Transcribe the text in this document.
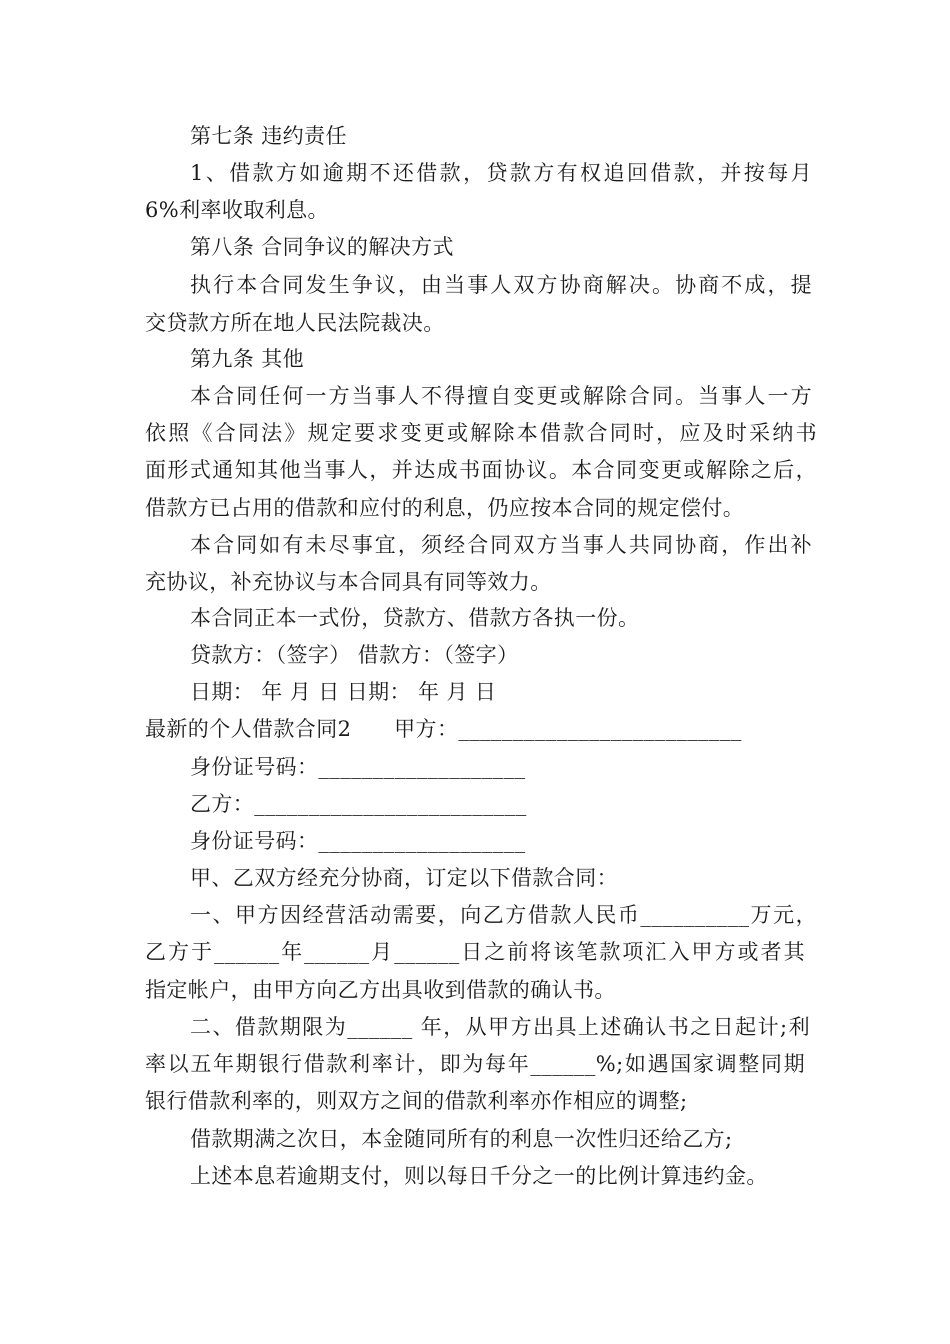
第七条 违约责任
1、借款方如逾期不还借款，贷款方有权追回借款，并按每月
6%利率收取利息。
第八条 合同争议的解决方式
执行本合同发生争议，由当事人双方协商解决。协商不成，提
交贷款方所在地人民法院裁决。
第九条 其他
本合同任何一方当事人不得擅自变更或解除合同。当事人一方
依照《合同法》规定要求变更或解除本借款合同时，应及时采纳书
面形式通知其他当事人，并达成书面协议。本合同变更或解除之后，
借款方已占用的借款和应付的利息，仍应按本合同的规定偿付。
本合同如有未尽事宜，须经合同双方当事人共同协商，作出补
充协议，补充协议与本合同具有同等效力。
本合同正本一式份，贷款方、借款方各执一份。
贷款方：（签字） 借款方：（签字）
日期： 年 月 日 日期： 年 月 日
最新的个人借款合同2　　甲方：__________________________
身份证号码：___________________
乙方：_________________________
身份证号码：___________________
甲、乙双方经充分协商，订定以下借款合同：
一、甲方因经营活动需要，向乙方借款人民币__________万元，
乙方于______年______月______日之前将该笔款项汇入甲方或者其
指定帐户，由甲方向乙方出具收到借款的确认书。
二、借款期限为______ 年，从甲方出具上述确认书之日起计;利
率以五年期银行借款利率计，即为每年______%;如遇国家调整同期
银行借款利率的，则双方之间的借款利率亦作相应的调整;
借款期满之次日，本金随同所有的利息一次性归还给乙方;
上述本息若逾期支付，则以每日千分之一的比例计算违约金。
